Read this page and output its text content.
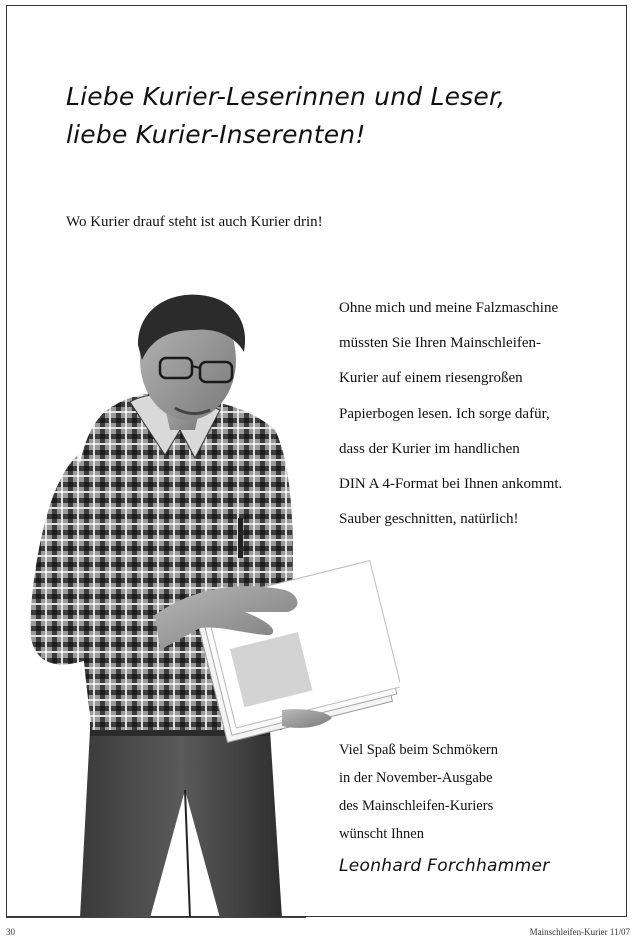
Liebe Kurier-Leserinnen und Leser,
liebe Kurier-Inserenten!
Wo Kurier drauf steht ist auch Kurier drin!

Ohne mich und meine Falzmaschine
müssten Sie Ihren Mainschleifen-
Kurier auf einem riesengroßen
Papierbogen lesen. Ich sorge dafür,
dass der Kurier im handlichen
DIN A 4-Format bei Ihnen ankommt.
Sauber geschnitten, natürlich!

Viel Spaß beim Schmökern
in der November-Ausgabe
des Mainschleifen-Kuriers
wünscht Ihnen

Leonhard Forchhammer
30	Mainschleifen-Kurier 11/07
